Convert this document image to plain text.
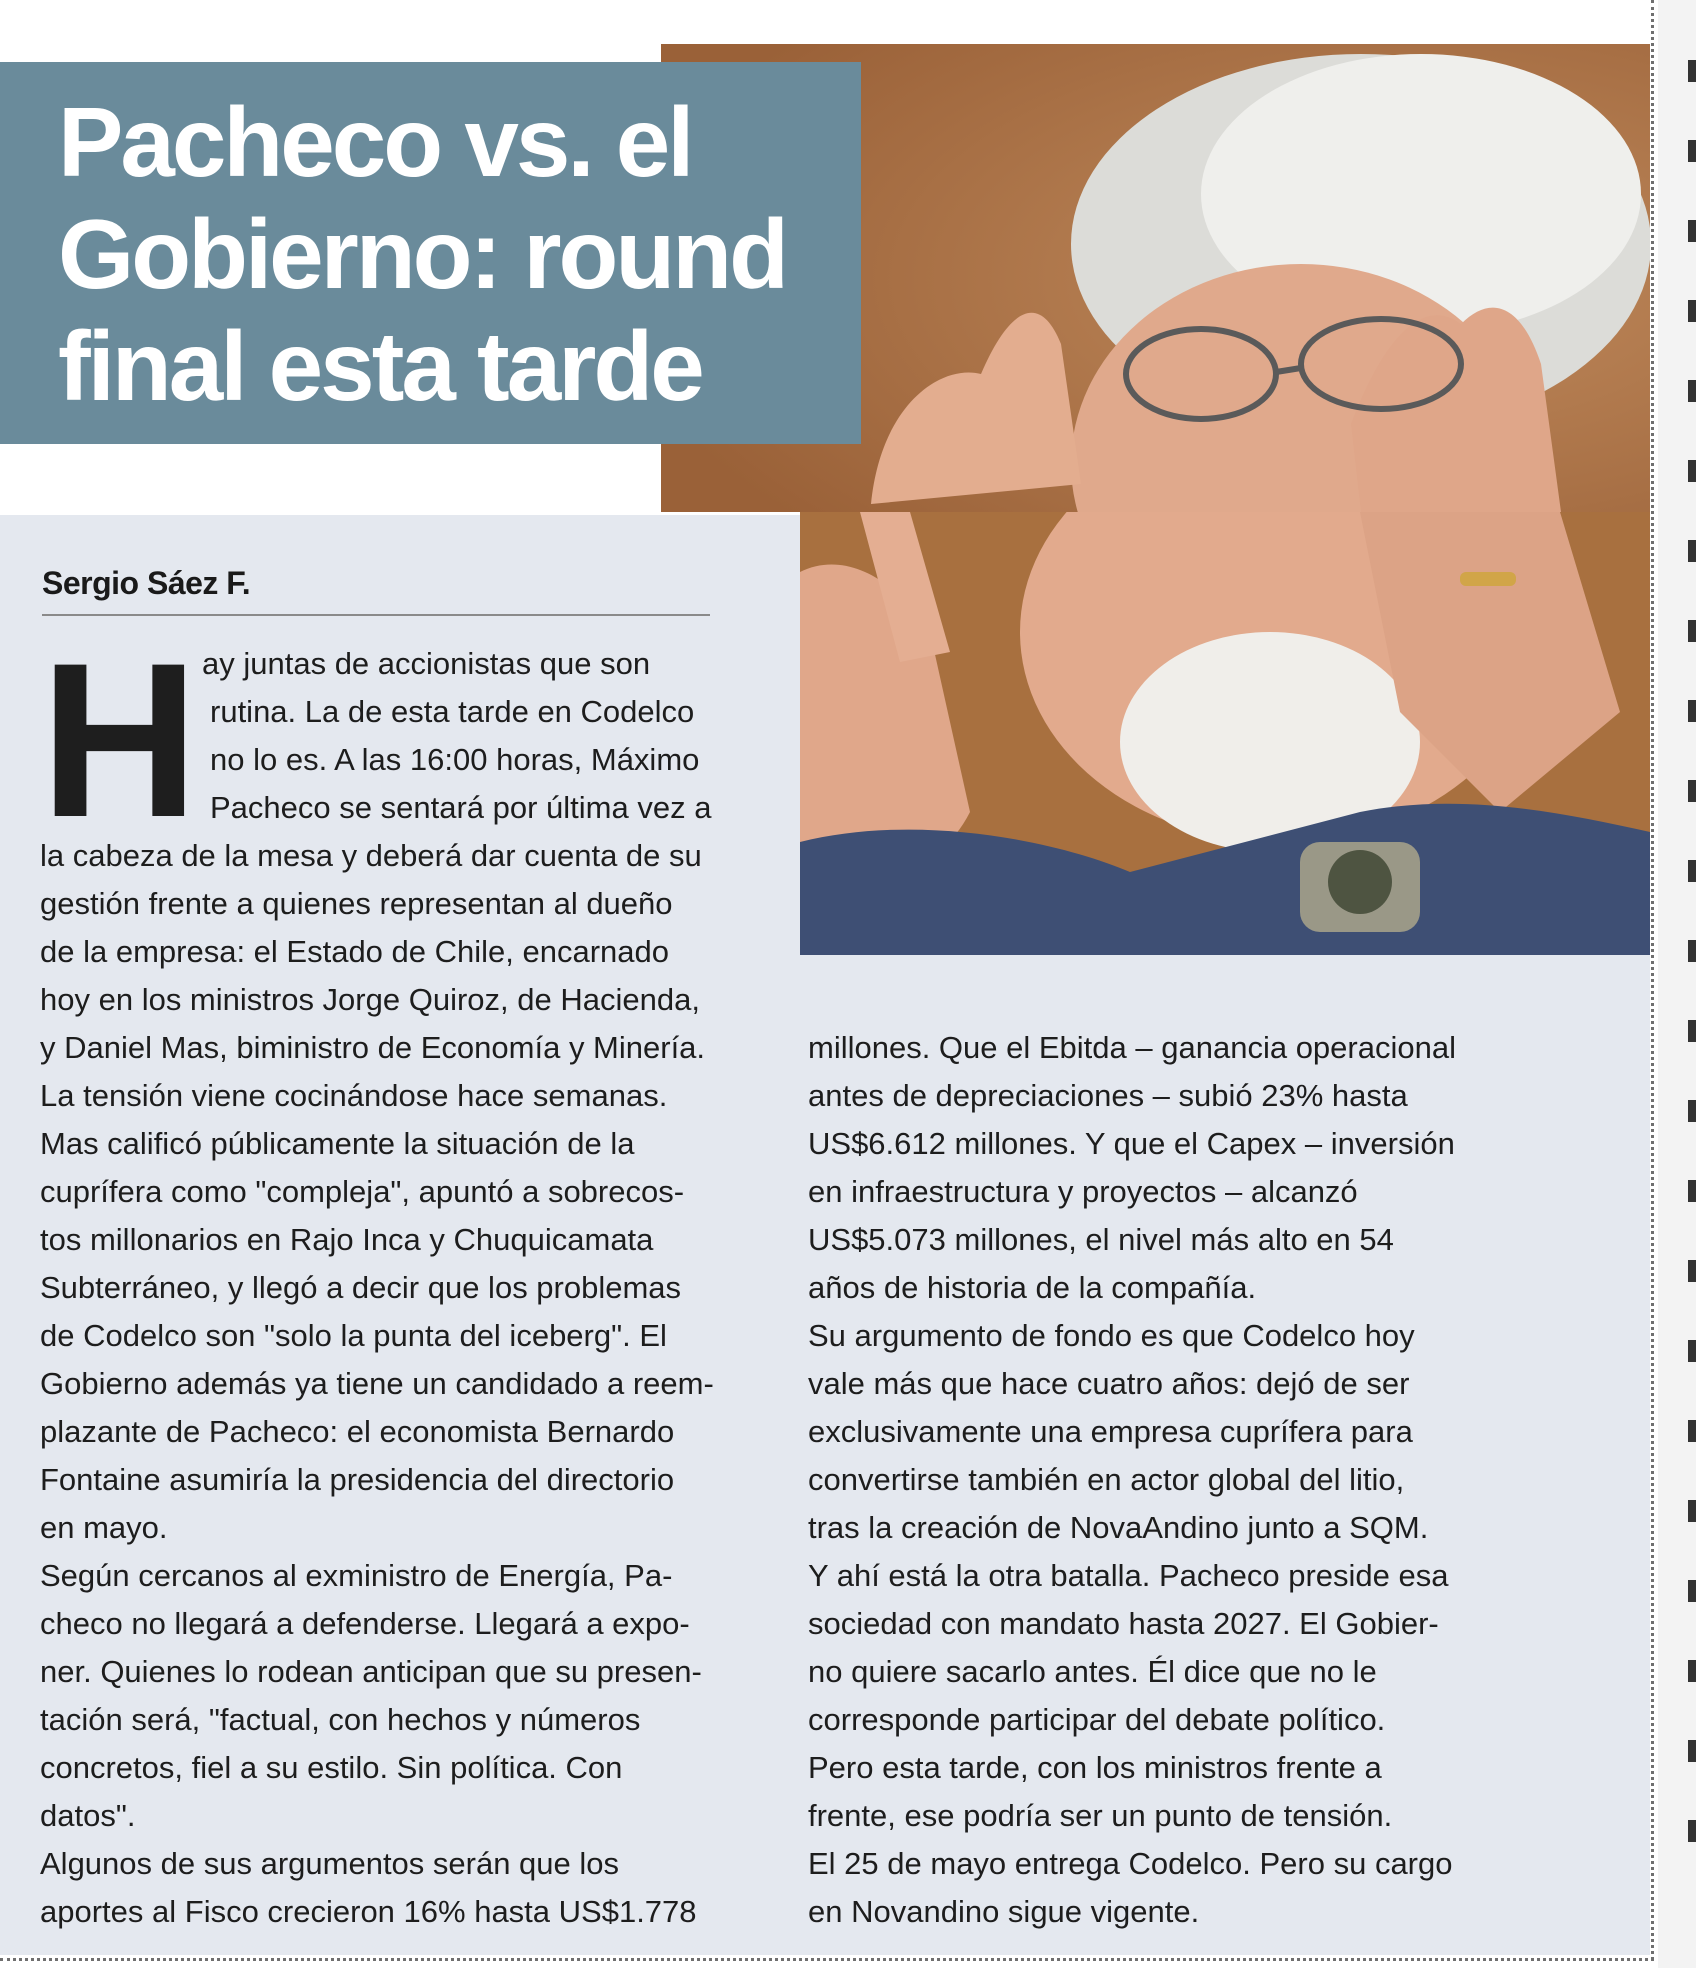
Pacheco vs. el
Gobierno: round
final esta tarde

Sergio Sáez F.

H ay juntas de accionistas que son

rutina. La de esta tarde en Codelco

no lo es. A las 16:00 horas, Máximo

Pacheco se sentará por última vez a

la cabeza de la mesa y deberá dar cuenta de su

gestión frente a quienes representan al dueño

de la empresa: el Estado de Chile, encarnado

hoy en los ministros Jorge Quiroz, de Hacienda,

y Daniel Mas, biministro de Economía y Minería.

La tensión viene cocinándose hace semanas.

Mas calificó públicamente la situación de la

cuprífera como "compleja", apuntó a sobrecos-

tos millonarios en Rajo Inca y Chuquicamata

Subterráneo, y llegó a decir que los problemas

de Codelco son "solo la punta del iceberg". El

Gobierno además ya tiene un candidado a reem-

plazante de Pacheco: el economista Bernardo

Fontaine asumiría la presidencia del directorio

en mayo.

Según cercanos al exministro de Energía, Pa-

checo no llegará a defenderse. Llegará a expo-

ner. Quienes lo rodean anticipan que su presen-

tación será, "factual, con hechos y números

concretos, fiel a su estilo. Sin política. Con

datos".

Algunos de sus argumentos serán que los

aportes al Fisco crecieron 16% hasta US$1.778

millones. Que el Ebitda – ganancia operacional

antes de depreciaciones – subió 23% hasta

US$6.612 millones. Y que el Capex – inversión

en infraestructura y proyectos – alcanzó

US$5.073 millones, el nivel más alto en 54

años de historia de la compañía.

Su argumento de fondo es que Codelco hoy

vale más que hace cuatro años: dejó de ser

exclusivamente una empresa cuprífera para

convertirse también en actor global del litio,

tras la creación de NovaAndino junto a SQM.

Y ahí está la otra batalla. Pacheco preside esa

sociedad con mandato hasta 2027. El Gobier-

no quiere sacarlo antes. Él dice que no le

corresponde participar del debate político.

Pero esta tarde, con los ministros frente a

frente, ese podría ser un punto de tensión.

El 25 de mayo entrega Codelco. Pero su cargo

en Novandino sigue vigente.
